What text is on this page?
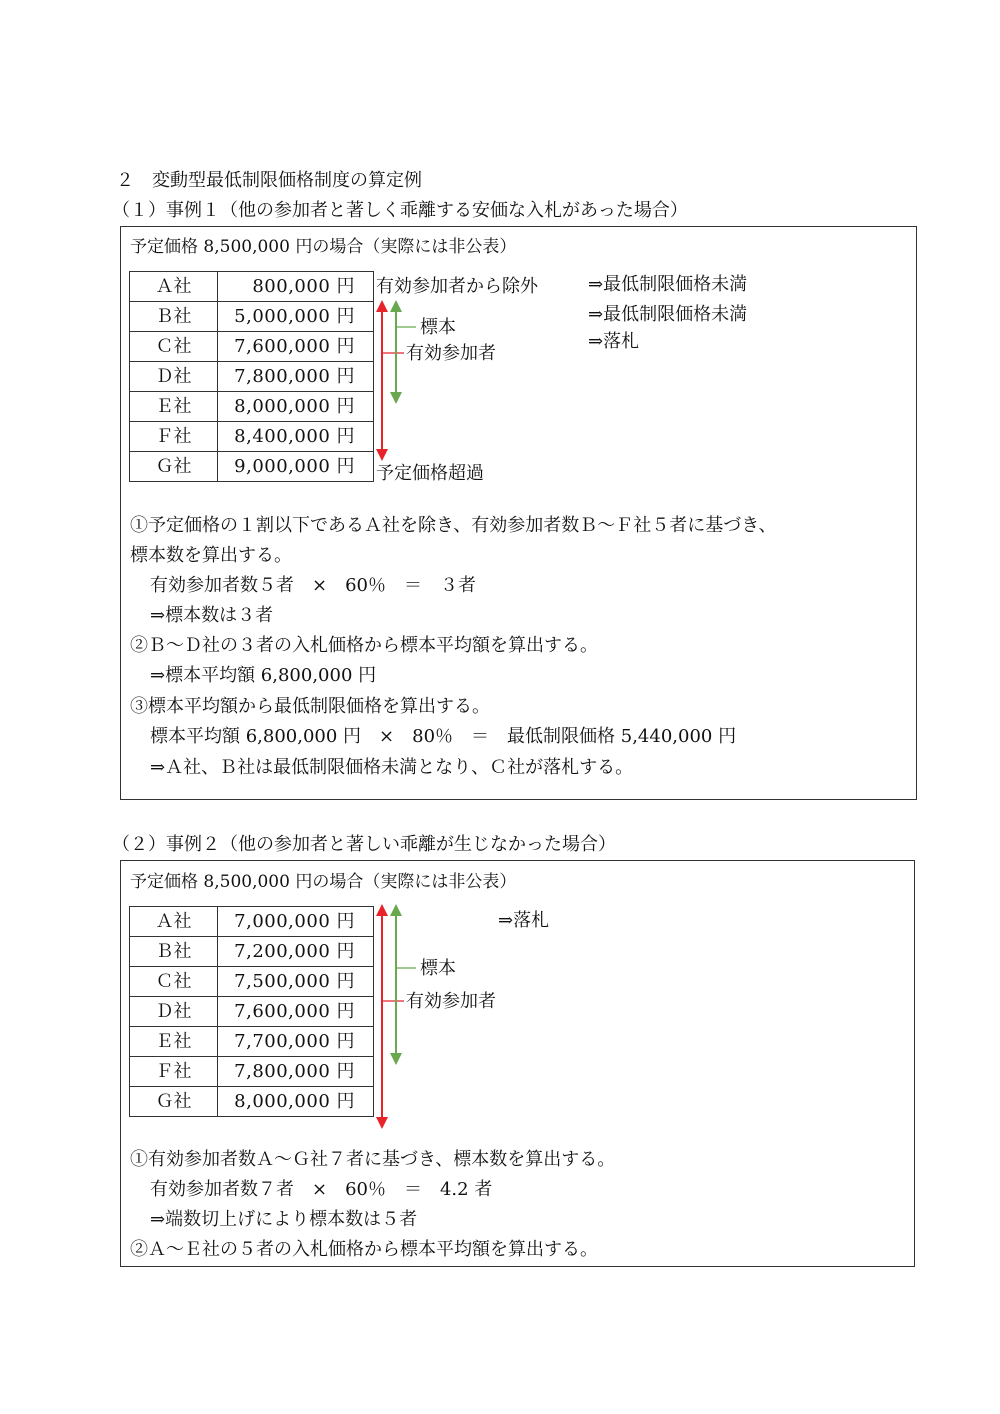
２　変動型最低制限価格制度の算定例
（１）事例１（他の参加者と著しく乖離する安価な入札があった場合）
予定価格 8,500,000 円の場合（実際には非公表）
Ａ社	800,000 円
Ｂ社	5,000,000 円
Ｃ社	7,600,000 円
Ｄ社	7,800,000 円
Ｅ社	8,000,000 円
Ｆ社	8,400,000 円
Ｇ社	9,000,000 円
有効参加者から除外
標本
有効参加者
予定価格超過
⇒最低制限価格未満
⇒最低制限価格未満
⇒落札
①予定価格の１割以下であるＡ社を除き、有効参加者数Ｂ～Ｆ社５者に基づき、
標本数を算出する。
有効参加者数５者　×　60％　＝　３者
⇒標本数は３者
②Ｂ～Ｄ社の３者の入札価格から標本平均額を算出する。
⇒標本平均額 6,800,000 円
③標本平均額から最低制限価格を算出する。
標本平均額 6,800,000 円　×　80％　＝　最低制限価格 5,440,000 円
⇒Ａ社、Ｂ社は最低制限価格未満となり、Ｃ社が落札する。
（２）事例２（他の参加者と著しい乖離が生じなかった場合）
予定価格 8,500,000 円の場合（実際には非公表）
Ａ社	7,000,000 円
Ｂ社	7,200,000 円
Ｃ社	7,500,000 円
Ｄ社	7,600,000 円
Ｅ社	7,700,000 円
Ｆ社	7,800,000 円
Ｇ社	8,000,000 円
標本
有効参加者
⇒落札
①有効参加者数Ａ～Ｇ社７者に基づき、標本数を算出する。
有効参加者数７者　×　60％　＝　4.2 者
⇒端数切上げにより標本数は５者
②Ａ～Ｅ社の５者の入札価格から標本平均額を算出する。
